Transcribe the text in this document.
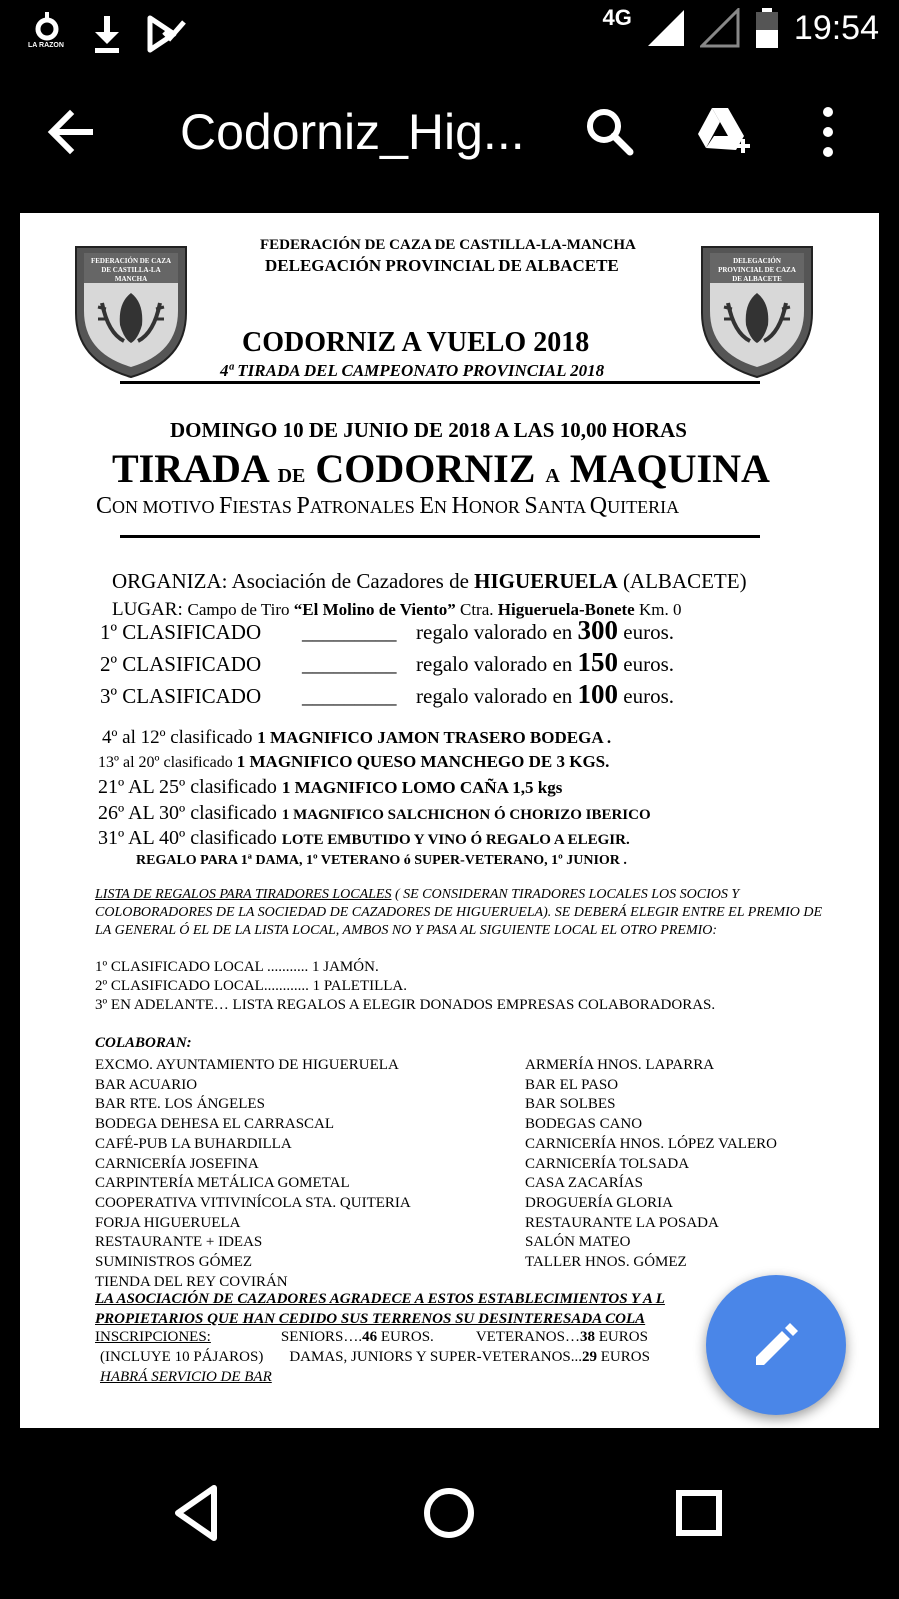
LA RAZON
4G	19:54
Codorniz_Hig...
FEDERACIÓN DE CAZA DE CASTILLA-LA MANCHA
DELEGACIÓN PROVINCIAL DE CAZA DE ALBACETE
FEDERACIÓN DE CAZA DE CASTILLA-LA-MANCHA
DELEGACIÓN PROVINCIAL DE ALBACETE
CODORNIZ A VUELO 2018
4ª TIRADA DEL CAMPEONATO PROVINCIAL 2018
DOMINGO 10 DE JUNIO DE 2018 A LAS 10,00 HORAS
TIRADA DE CODORNIZ A MAQUINA
CON MOTIVO FIESTAS PATRONALES EN HONOR SANTA QUITERIA
ORGANIZA: Asociación de Cazadores de HIGUERUELA (ALBACETE)
LUGAR: Campo de Tiro “El Molino de Viento” Ctra. Higueruela-Bonete Km. 0
1º CLASIFICADO _________ regalo valorado en 300 euros.
2º CLASIFICADO _________ regalo valorado en 150 euros.
3º CLASIFICADO _________ regalo valorado en 100 euros.
4º al 12º clasificado 1 MAGNIFICO JAMON TRASERO BODEGA .
13º al 20º clasificado 1 MAGNIFICO QUESO MANCHEGO DE 3 KGS.
21º AL 25º clasificado 1 MAGNIFICO LOMO CAÑA 1,5 kgs
26º AL 30º clasificado 1 MAGNIFICO SALCHICHON Ó CHORIZO IBERICO
31º AL 40º clasificado LOTE EMBUTIDO Y VINO Ó REGALO A ELEGIR.
REGALO PARA 1ª DAMA, 1º VETERANO ó SUPER-VETERANO, 1º JUNIOR .
LISTA DE REGALOS PARA TIRADORES LOCALES ( SE CONSIDERAN TIRADORES LOCALES LOS SOCIOS Y COLOBORADORES DE LA SOCIEDAD DE CAZADORES DE HIGUERUELA). SE DEBERÁ ELEGIR ENTRE EL PREMIO DE LA GENERAL Ó EL DE LA LISTA LOCAL, AMBOS NO Y PASA AL SIGUIENTE LOCAL EL OTRO PREMIO:
1º CLASIFICADO LOCAL ........... 1 JAMÓN.
2º CLASIFICADO LOCAL............ 1 PALETILLA.
3º EN ADELANTE… LISTA REGALOS A ELEGIR DONADOS EMPRESAS COLABORADORAS.
COLABORAN:
EXCMO. AYUNTAMIENTO DE HIGUERUELA
BAR ACUARIO
BAR RTE. LOS ÁNGELES
BODEGA DEHESA EL CARRASCAL
CAFÉ-PUB LA BUHARDILLA
CARNICERÍA JOSEFINA
CARPINTERÍA METÁLICA GOMETAL
COOPERATIVA VITIVINÍCOLA STA. QUITERIA
FORJA HIGUERUELA
RESTAURANTE + IDEAS
SUMINISTROS GÓMEZ
TIENDA DEL REY COVIRÁN
ARMERÍA HNOS. LAPARRA
BAR EL PASO
BAR SOLBES
BODEGAS CANO
CARNICERÍA HNOS. LÓPEZ VALERO
CARNICERÍA TOLSADA
CASA ZACARÍAS
DROGUERÍA GLORIA
RESTAURANTE LA POSADA
SALÓN MATEO
TALLER HNOS. GÓMEZ
LA ASOCIACIÓN DE CAZADORES AGRADECE A ESTOS ESTABLECIMIENTOS Y A L
PROPIETARIOS QUE HAN CEDIDO SUS TERRENOS SU DESINTERESADA COLA
INSCRIPCIONES:	SENIORS….46 EUROS.	VETERANOS…38 EUROS
(INCLUYE 10 PÁJAROS) DAMAS, JUNIORS Y SUPER-VETERANOS...29 EUROS
HABRÁ SERVICIO DE BAR
